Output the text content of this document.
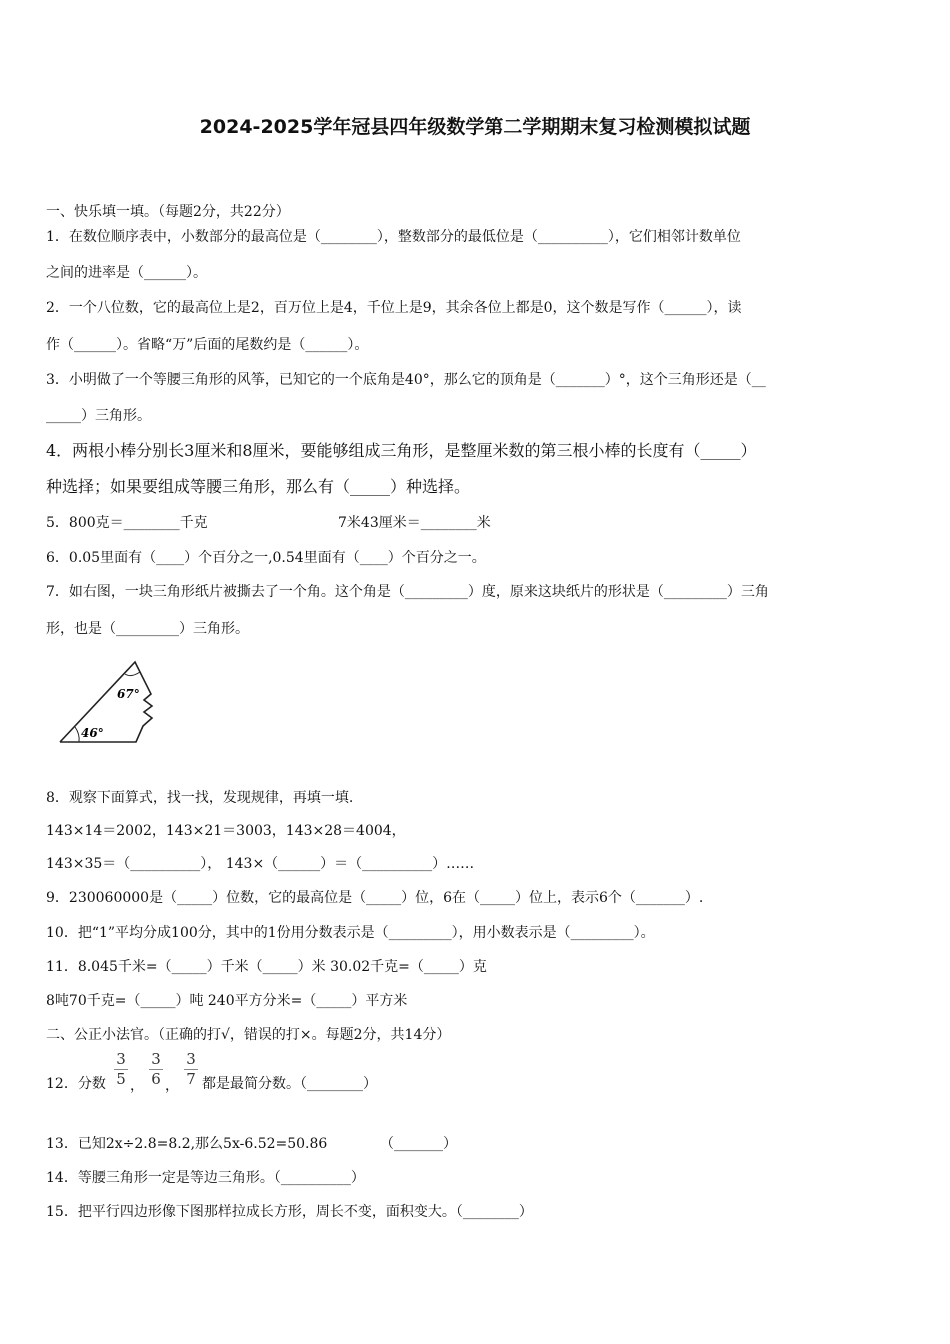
2024-2025学年冠县四年级数学第二学期期末复习检测模拟试题
一、快乐填一填。（每题2分，共22分）
1．在数位顺序表中，小数部分的最高位是（________），整数部分的最低位是（__________），它们相邻计数单位
之间的进率是（______）。
2．一个八位数，它的最高位上是2，百万位上是4，千位上是9，其余各位上都是0，这个数是写作（______），读
作（______）。省略“万”后面的尾数约是（______）。
3．小明做了一个等腰三角形的风筝，已知它的一个底角是40°，那么它的顶角是（_______）°，这个三角形还是（__
_____）三角形。
4．两根小棒分别长3厘米和8厘米，要能够组成三角形，是整厘米数的第三根小棒的长度有（_____）
种选择；如果要组成等腰三角形，那么有（_____）种选择。
5．800克＝________千克	7米43厘米＝________米
6．0.05里面有（____）个百分之一,0.54里面有（____）个百分之一。
7．如右图，一块三角形纸片被撕去了一个角。这个角是（_________）度，原来这块纸片的形状是（_________）三角
形，也是（_________）三角形。
67°
46°
8．观察下面算式，找一找，发现规律，再填一填.
143×14＝2002，143×21＝3003，143×28＝4004，
143×35＝（__________）， 143×（______）＝（__________）……
9．230060000是（_____）位数，它的最高位是（_____）位，6在（_____）位上，表示6个（_______）.
10．把“1”平均分成100分，其中的1份用分数表示是（_________），用小数表示是（_________）。
11．8.045千米=（_____）千米（_____）米 30.02千克=（_____）克
8吨70千克=（_____）吨 240平方分米=（_____）平方米
二、公正小法官。（正确的打√，错误的打×。每题2分，共14分）
12．分数 $\frac{3}{5}$ ， $\frac{3}{6}$ ， $\frac{3}{7}$ 都是最简分数。（________）
13．已知2x÷2.8=8.2,那么5x-6.52=50.86	（_______）
14．等腰三角形一定是等边三角形。（__________）
15．把平行四边形像下图那样拉成长方形，周长不变，面积变大。（________）
